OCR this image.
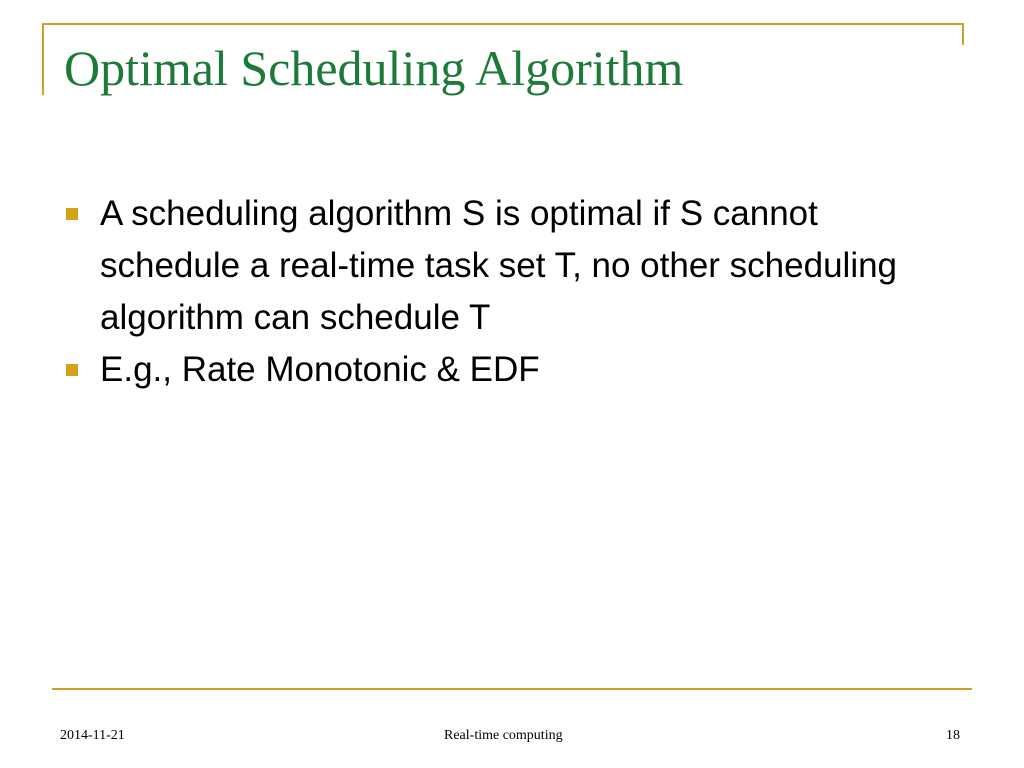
Optimal Scheduling Algorithm
A scheduling algorithm S is optimal if S cannot schedule a real-time task set T, no other scheduling algorithm can schedule T
E.g., Rate Monotonic & EDF
2014-11-21	Real-time computing	18
